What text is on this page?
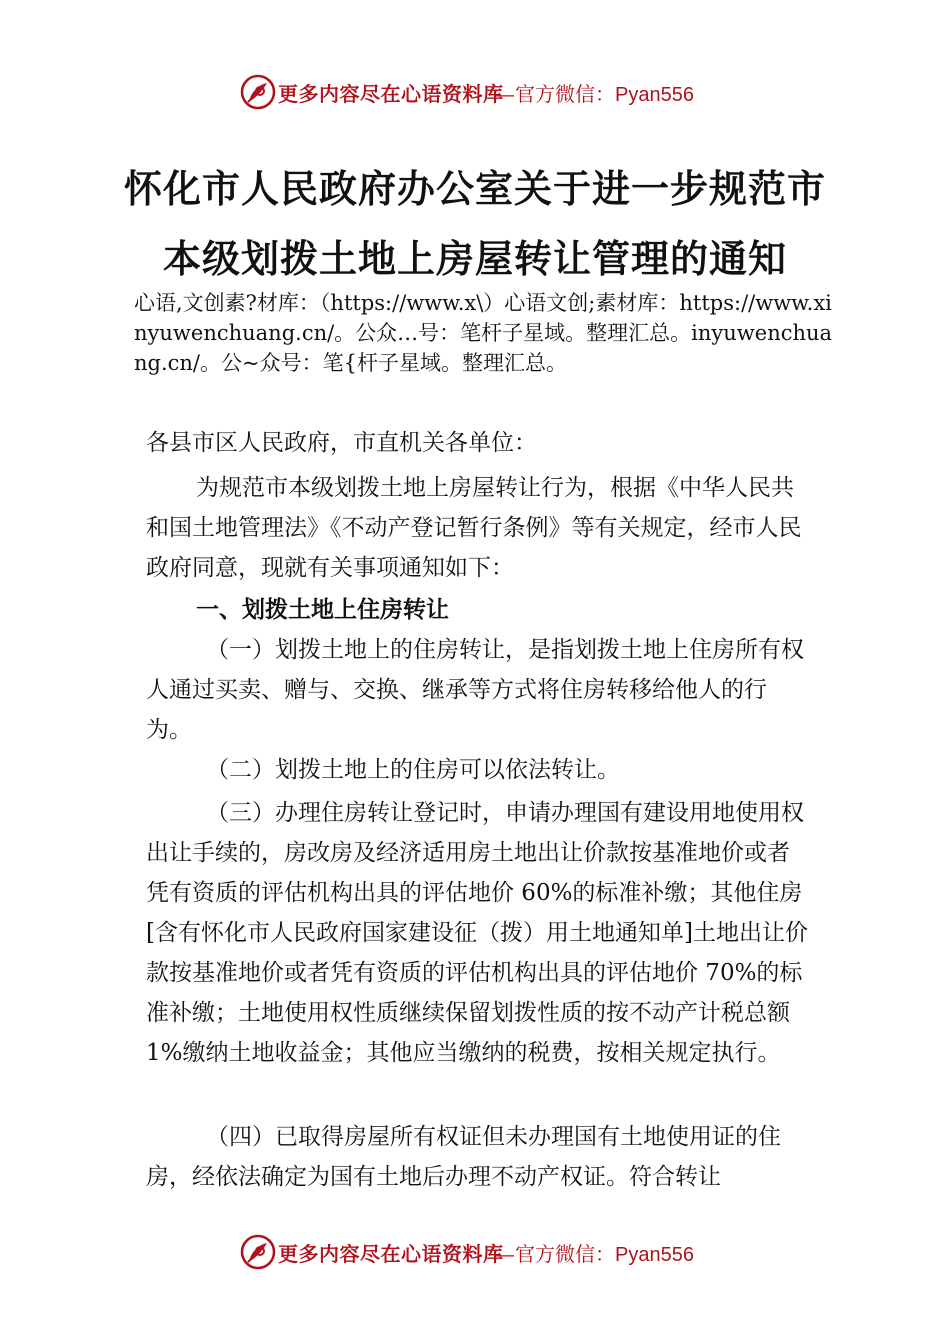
更多内容尽在心语资料库
—官方微信：Pyan556
怀化市人民政府办公室关于进一步规范市
本级划拨土地上房屋转让管理的通知
心语,文创素?材库：（https://www.x\）心语文创;素材库：https://www.xinyuwenchuang.cn/。公众…号：笔杆子星域。整理汇总。inyuwenchuang.cn/。公~众号：笔{杆子星域。整理汇总。
各县市区人民政府，市直机关各单位：
为规范市本级划拨土地上房屋转让行为，根据《中华人民共和国土地管理法》《不动产登记暂行条例》等有关规定，经市人民政府同意，现就有关事项通知如下：
一、划拨土地上住房转让
（一）划拨土地上的住房转让，是指划拨土地上住房所有权人通过买卖、赠与、交换、继承等方式将住房转移给他人的行为。
（二）划拨土地上的住房可以依法转让。
（三）办理住房转让登记时，申请办理国有建设用地使用权出让手续的，房改房及经济适用房土地出让价款按基准地价或者凭有资质的评估机构出具的评估地价 60%的标准补缴；其他住房[含有怀化市人民政府国家建设征（拨）用土地通知单]土地出让价款按基准地价或者凭有资质的评估机构出具的评估地价 70%的标准补缴；土地使用权性质继续保留划拨性质的按不动产计税总额 1%缴纳土地收益金；其他应当缴纳的税费，按相关规定执行。
（四）已取得房屋所有权证但未办理国有土地使用证的住房，经依法确定为国有土地后办理不动产权证。符合转让
更多内容尽在心语资料库
—官方微信：Pyan556
